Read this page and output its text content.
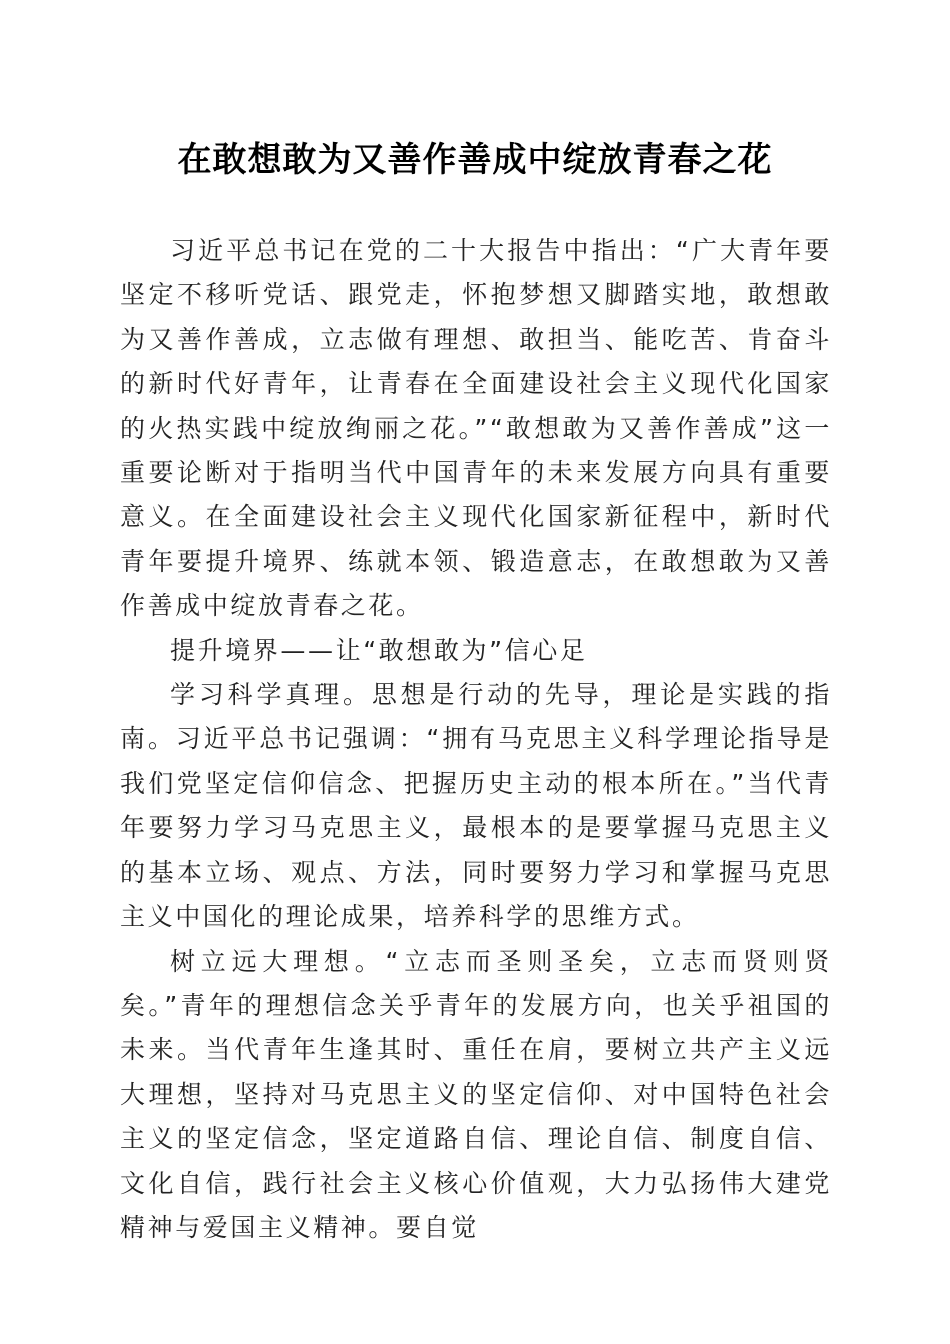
在敢想敢为又善作善成中绽放青春之花

习近平总书记在党的二十大报告中指出：“广大青年要坚定不移听党话、跟党走，怀抱梦想又脚踏实地，敢想敢为又善作善成，立志做有理想、敢担当、能吃苦、肯奋斗的新时代好青年，让青春在全面建设社会主义现代化国家的火热实践中绽放绚丽之花。”“敢想敢为又善作善成”这一重要论断对于指明当代中国青年的未来发展方向具有重要意义。在全面建设社会主义现代化国家新征程中，新时代青年要提升境界、练就本领、锻造意志，在敢想敢为又善作善成中绽放青春之花。

提升境界——让“敢想敢为”信心足

学习科学真理。思想是行动的先导，理论是实践的指南。习近平总书记强调：“拥有马克思主义科学理论指导是我们党坚定信仰信念、把握历史主动的根本所在。”当代青年要努力学习马克思主义，最根本的是要掌握马克思主义的基本立场、观点、方法，同时要努力学习和掌握马克思主义中国化的理论成果，培养科学的思维方式。

树立远大理想。“立志而圣则圣矣，立志而贤则贤矣。”青年的理想信念关乎青年的发展方向，也关乎祖国的未来。当代青年生逢其时、重任在肩，要树立共产主义远大理想，坚持对马克思主义的坚定信仰、对中国特色社会主义的坚定信念，坚定道路自信、理论自信、制度自信、文化自信，践行社会主义核心价值观，大力弘扬伟大建党精神与爱国主义精神。要自觉
